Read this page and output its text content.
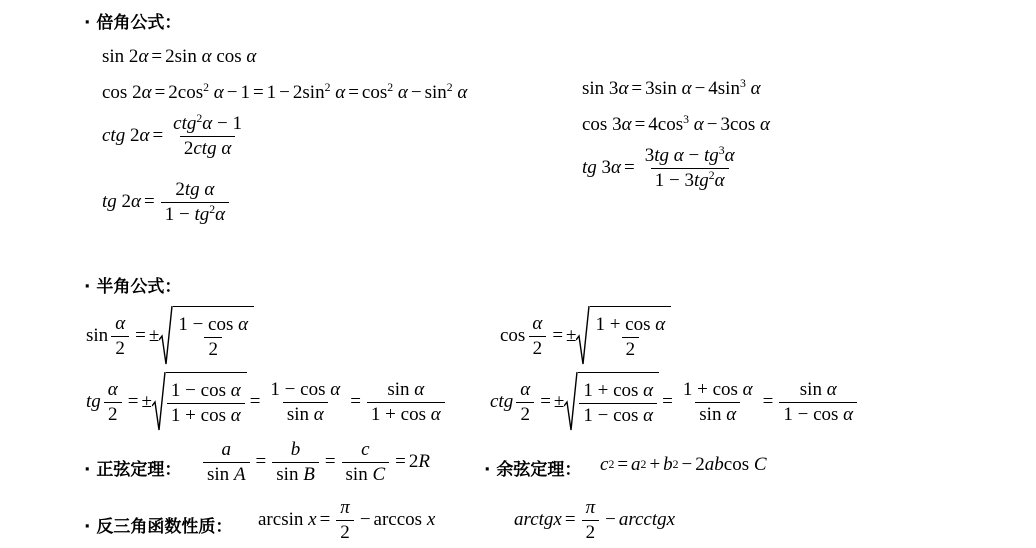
· 倍角公式：
· 半角公式：
· 正弦定理：	· 余弦定理：
· 反三角函数性质：
sin 2α = 2sin α cos α
$\cos 2\alpha = 2\cos^2$ $\alpha - 1 = 1 - 2\sin^2$ $\alpha = \cos^2 \alpha - \sin^2 \alpha$
ctg
$2\alpha = \frac{ctg^2\alpha - 1}{\text{2ctg α}}$
tg
$2\alpha = \frac{\text{2tg α}}{1 - tg^2\alpha}$
sin 3α = 3sin $\alpha - 4\sin^3$ α
$\cos 3\alpha = 4\cos^3$ α − 3cos α
tg
$3\alpha = \frac{3tg \alpha - tg^3\alpha}{1 - 3tg^2\alpha}$
$\sin \frac{\alpha}{2}$ = ± $\frac{\text{1 − cos α}}{2}$	$\cos \frac{\alpha}{2}$ = ± $\frac{\text{1 + cos α}}{2}$
tg $\frac{\alpha}{2}$ = ± $\frac{\text{1 − cos α}}{\text{1 + cos α}} = \frac{\text{1 − cos α}}{\text{sin α}} = \frac{\text{sin α}}{\text{1 + cos α}}$ ctg $\frac{\alpha}{2}$ = ± $\frac{\text{1 + cos α}}{\text{1 − cos α}} = \frac{\text{1 + cos α}}{\text{sin α}} = \frac{\text{sin α}}{\text{1 − cos α}}$
$\frac{a}{\text{sin A}} = \frac{b}{\text{sin B}} = \frac{c}{\text{sin C}} = 2R$	c 2 = a 2 + b 2 − 2abcos C
$\arcsin x = \frac{\pi}{2} - \arccos x$	arctgx = $\frac{\pi}{2}$ − arcctgx
